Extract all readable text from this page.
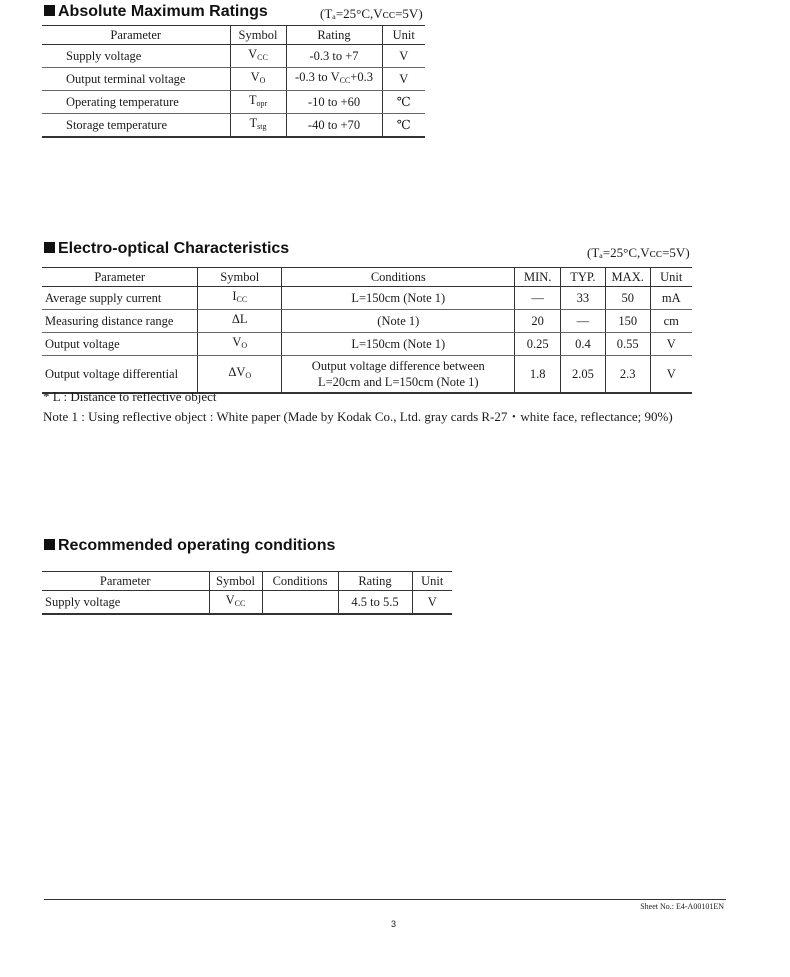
Absolute Maximum Ratings	(Tₐ=25°C,Vᴄᴄ=5V)
Parameter	Symbol	Rating	Unit
Supply voltage	$V_{CC}$	-0.3 to +7	V
Output terminal voltage	$V_O$	-0.3 to $V_{CC}+0.3$	V
Operating temperature	$T_{opr}$	-10 to +60	℃
Storage temperature	$T_{stg}$	-40 to +70	℃
Electro-optical Characteristics	(Tₐ=25°C,Vᴄᴄ=5V)
Parameter	Symbol	Conditions	MIN.	TYP.	MAX.	Unit
Average supply current	$I_{CC}$	L=150cm (Note 1)	—	33	50	mA
Measuring distance range	ΔL	(Note 1)	20	—	150	cm
Output voltage	$V_O$	L=150cm (Note 1)	0.25	0.4	0.55	V
Output voltage differential	$\Delta V_O$	Output voltage difference between
L=20cm and L=150cm (Note 1)	1.8	2.05	2.3	V
* L : Distance to reflective object
Note 1 : Using reflective object : White paper (Made by Kodak Co., Ltd. gray cards R-27・white face, reflectance; 90%)
Recommended operating conditions
Parameter	Symbol	Conditions	Rating	Unit
Supply voltage	$V_{CC}$		4.5 to 5.5	V
Sheet No.: E4-A00101EN
3
